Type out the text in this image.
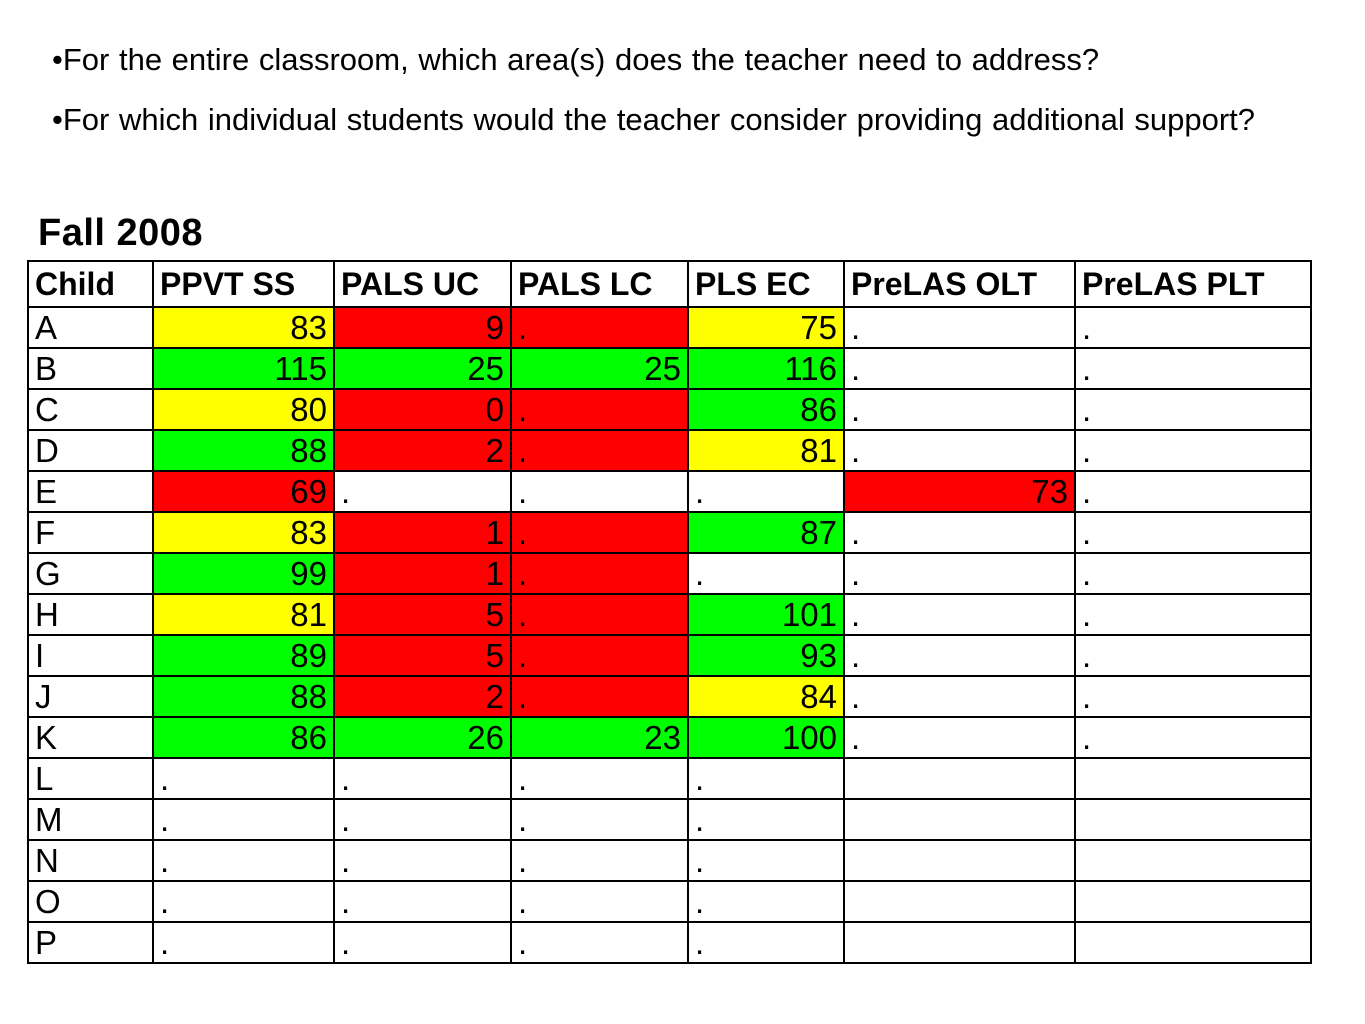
•For the entire classroom, which area(s) does the teacher need to address?
•For which individual students would the teacher consider providing additional support?
Fall 2008
Child	PPVT SS	PALS UC	PALS LC	PLS EC	PreLAS OLT	PreLAS PLT
A	83	9	.	75	.	.
B	115	25	25	116	.	.
C	80	0	.	86	.	.
D	88	2	.	81	.	.
E	69	.	.	.	73	.
F	83	1	.	87	.	.
G	99	1	.	.	.	.
H	81	5	.	101	.	.
I	89	5	.	93	.	.
J	88	2	.	84	.	.
K	86	26	23	100	.	.
L	.	.	.	.		
M	.	.	.	.		
N	.	.	.	.		
O	.	.	.	.		
P	.	.	.	.		
